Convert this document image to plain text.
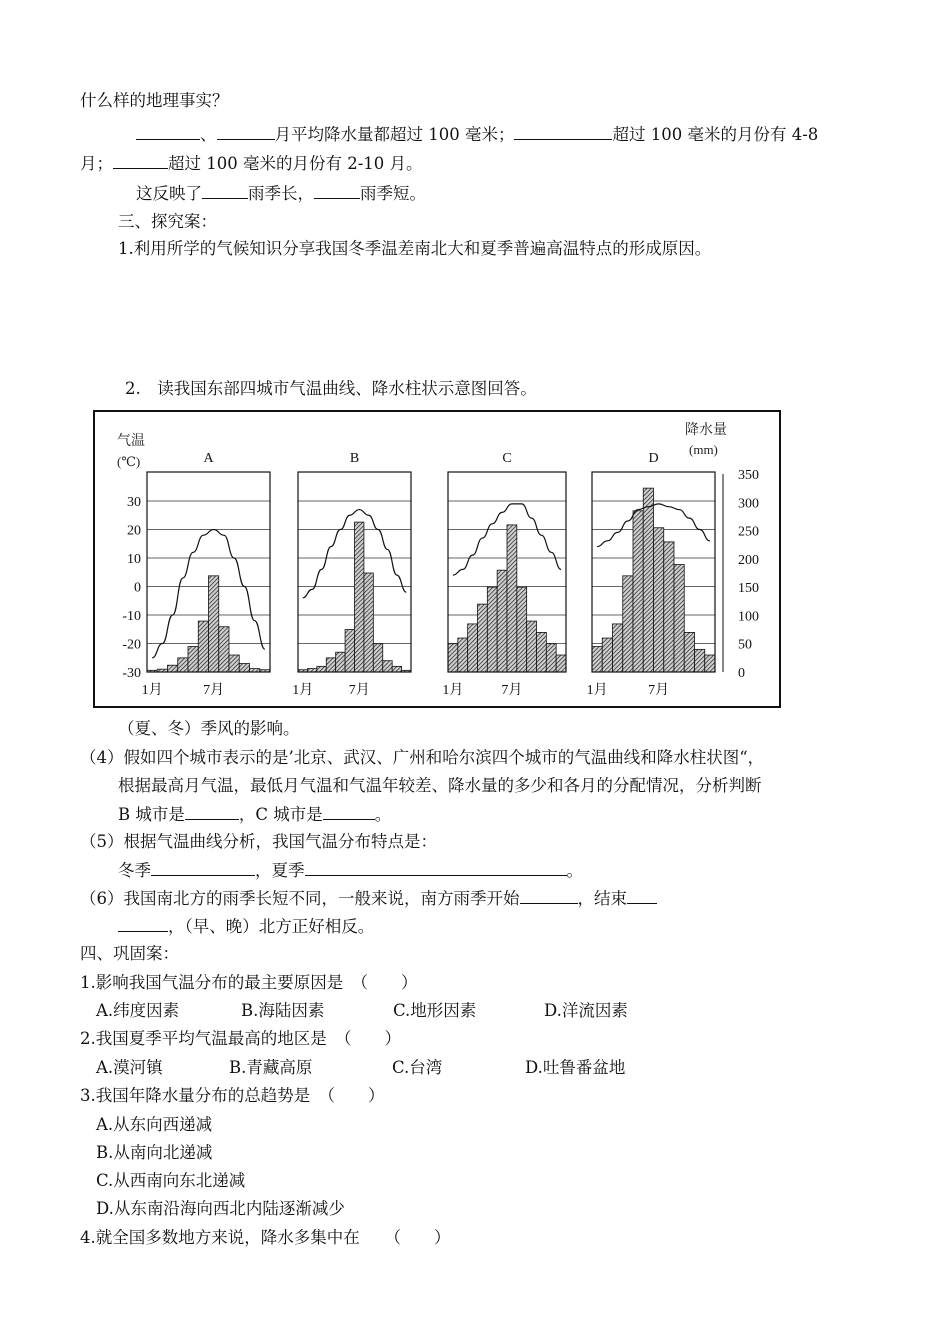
什么样的地理事实？
、	月平均降水量都超过 100 毫米；	超过 100 毫米的月份有 4-8
月；	超过 100 毫米的月份有 2-10 月。
这反映了	雨季长，	雨季短。
三、探究案：
1.利用所学的气候知识分享我国冬季温差南北大和夏季普遍高温特点的形成原因。
2.　读我国东部四城市气温曲线、降水柱状示意图回答。
气温
(℃)
降水量
(mm)
30
20
10
0
-10
-20
-30
350
300
250
200
150
100
50
0
A
1月	7月
B
1月	7月
C
1月	7月
D
1月	7月
（夏、冬）季风的影响。
（4）假如四个城市表示的是’北京、武汉、广州和哈尔滨四个城市的气温曲线和降水柱状图“，
根据最高月气温，最低月气温和气温年较差、降水量的多少和各月的分配情况，分析判断
B 城市是	，C 城市是	。
（5）根据气温曲线分析，我国气温分布特点是：
冬季	，夏季	。
（6）我国南北方的雨季长短不同，一般来说，南方雨季开始	，结束
，（早、晚）北方正好相反。
四、巩固案：
1.影响我国气温分布的最主要原因是　（　　）
A.纬度因素	B.海陆因素	C.地形因素	D.洋流因素
2.我国夏季平均气温最高的地区是　（　　）
A.漠河镇	B.青藏高原	C.台湾	D.吐鲁番盆地
3.我国年降水量分布的总趋势是　（　　）
A.从东向西递减
B.从南向北递减
C.从西南向东北递减
D.从东南沿海向西北内陆逐渐减少
4.就全国多数地方来说，降水多集中在　　（　　）
